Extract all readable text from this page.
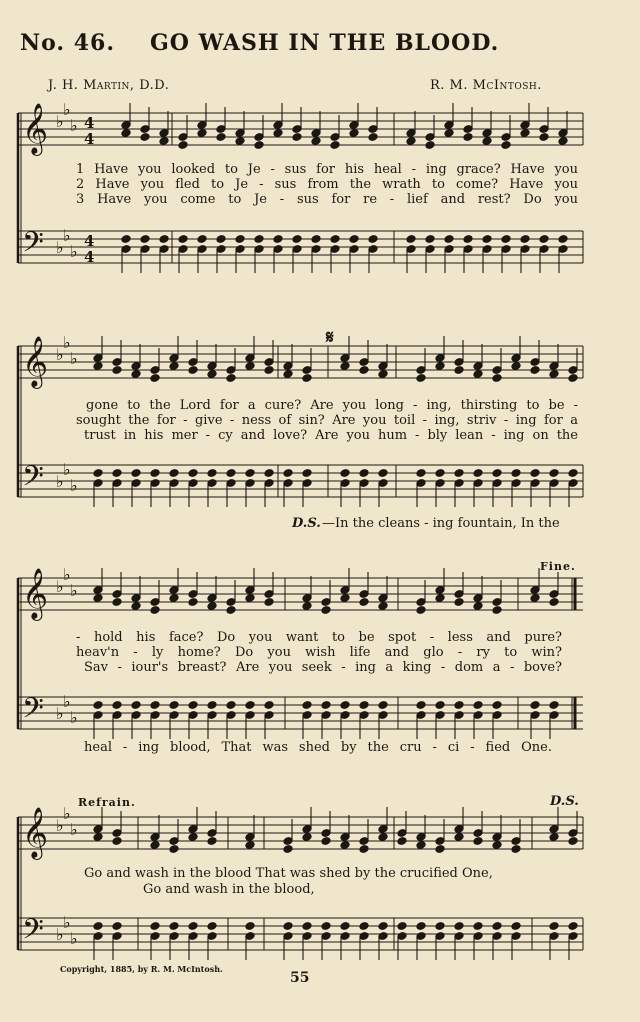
𝄞
𝄢
♭
♭
♭
♭
♭
♭
4
4
4
4
𝄞
𝄢
♭
♭
♭
♭
♭
♭
𝄞
𝄢
♭
♭
♭
♭
♭
♭
𝄞
𝄢
♭
♭
♭
♭
♭
♭
𝄋
No. 46. GO WASH IN THE BLOOD.
J. H. Martin, D.D.	R. M. McIntosh.
1 Have you looked to Je - sus for his heal - ing grace? Have you
2 Have you fled to Je - sus from the wrath to come? Have you
3 Have you come to Je - sus for re - lief and rest? Do you
gone to the Lord for a cure? Are you long - ing, thirsting to be -
sought the for - give - ness of sin? Are you toil - ing, striv - ing for a
trust in his mer - cy and love? Are you hum - bly lean - ing on the
D.S. —In the cleans - ing fountain, In the
Fine.
- hold his face? Do you want to be spot - less and pure?
heav'n - ly home? Do you wish life and glo - ry to win?
Sav - iour's breast? Are you seek - ing a king - dom a - bove?
heal - ing blood, That was shed by the cru - ci - fied One.
Refrain.	D.S.
Go and wash in the blood That was shed by the crucified One,
Go and wash in the blood,
Copyright, 1885, by R. M. McIntosh.
55
